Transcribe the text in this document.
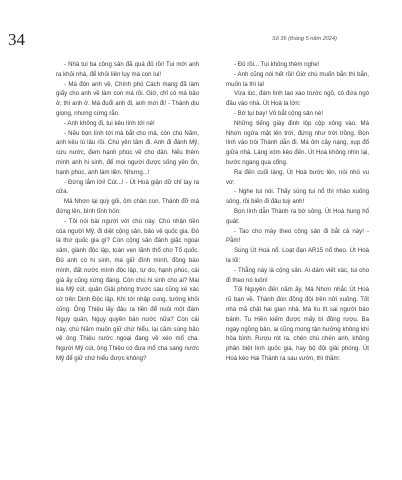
34	Số 36 (tháng 5 năm 2024)

- Nhà tui ba công sản đã quá đủ rồi! Tui mới anh ra khỏi nhà, để khỏi liên lụy mà con lui!

- Má đón anh về, Chính phủ Cách mạng đã làm giấy cho anh về làm con má rồi. Giờ, chỉ có má bảo ở, thì anh ở. Má đuổi anh đi, anh mới đi! - Thành dịu giọng, nhưng cứng rắn.

- Anh không đi, tui kêu lính tới nè!

- Nếu bọn lính tới mà bắt cho má, còn chú Năm, anh kêu lú lâu rồi. Chú yên tâm đi. Anh đi đánh Mỹ, cứu nước, đem hạnh phúc về cho dân. Nếu thêm mình anh hi sinh, để mọi người được sống yên ổn, hạnh phúc, anh làm liền. Nhưng...!

- Đừng lắm lời! Cút...! - Út Hoà giận dữ chỉ tay ra cửa.

Má Nhơn lại quỳ gối, ôm chân con. Thành đỡ má đứng lên, bình tĩnh hỏn:

- Tôi nói bài người với chú này. Chú nhận tiền của người Mỹ, đi diệt cộng sản, bảo vệ quốc gia. Đó là thứ quốc gia gì? Còn cộng sản đánh giặc ngoại xâm, giành độc lập, toàn vẹn lãnh thổ cho Tổ quốc. Đủ anh có hi sinh, má giữ đình mình, đồng bào mình, đất nước mình độc lập, tự do, hạnh phúc, cái giá ấy cũng xứng đáng. Còn chú hi sinh cho ai? Mai kia Mỹ cút, quân Giải phóng trước sau cũng xé xác cờ trên Dinh Độc lập. Khi tới nhập cung, tướng khỏi cũng. Ông Thiệu lấy đâu ra tiền để nuôi một đám Ngụy quân, Ngụy quyền bán nước nữa? Còn cái này, chú Năm muốn giữ chứ hiểu, lại cầm súng bảo vệ ông Thiệu nước ngoại đang về xéo mổ cha. Người Mỹ cút, ông Thiệu có đưa mổ cha sang nước Mỹ để giữ chứ hiểu được không?

- Đủ rồi... Tui không thèm nghe!

- Anh cũng nói hết rồi! Giờ chú muốn bắn thì bắn, muốn la thì la!

Vừa lúc, đám lính tao xao trước ngõ, có đứa ngó đầu vào nhà. Út Hoà la lớn:

- Bớ tụi bay! Vô bắt cộng sản nè!

Những tiếng giày đinh lộp cộp xông vào. Má Nhơn ngửa mặt lên trời, đứng như trời trồng. Bọn lính vào trói Thành dẫn đi. Má ôm cây nạng, xụp đổ giữa nhà. Láng xóm kéo đến. Út Hoà không nhìn lại, bước ngang qua cổng.

Ra đến cuối làng, Út Hoà bước lên, nói nhỏ vu vơ:

- Nghe tui nói. Thấy súng tui nổ thì nhào xuống sông, rồi biến đi đâu tuỳ anh!

Bọn lính dẫn Thành ra bờ sông. Út Hoà hung hổ quát:

- Tao cho mày theo cộng sản đi bắt cả này! - Pằm!

Súng Út Hoà nổ. Loạt đạn AR15 nổ theo. Út Hoà la lối:

- Thằng này là cộng sản. Ai dám viết xác, tui cho đi theo nó luôn!

Tối Nguyên đến năm ấy, Má Nhơn nhắc Út Hoà rũ bạn về. Thành đón đồng đội trên nửi xuống. Tốt nhà mã chặt hai gian nhà. Má lìu lít sai người báo bánh. Tu Hiền kiếm được mấy bì đồng rượu. Ba ngày ngồng bản, ai cũng mong tận hưởng không khí hòa bình. Rượu rót ra, chén chú chén anh, không phân biệt lính quốc gia, hay bộ đội giải phóng. Út Hoà kéo Hai Thành ra sau vườn, thì thầm:
